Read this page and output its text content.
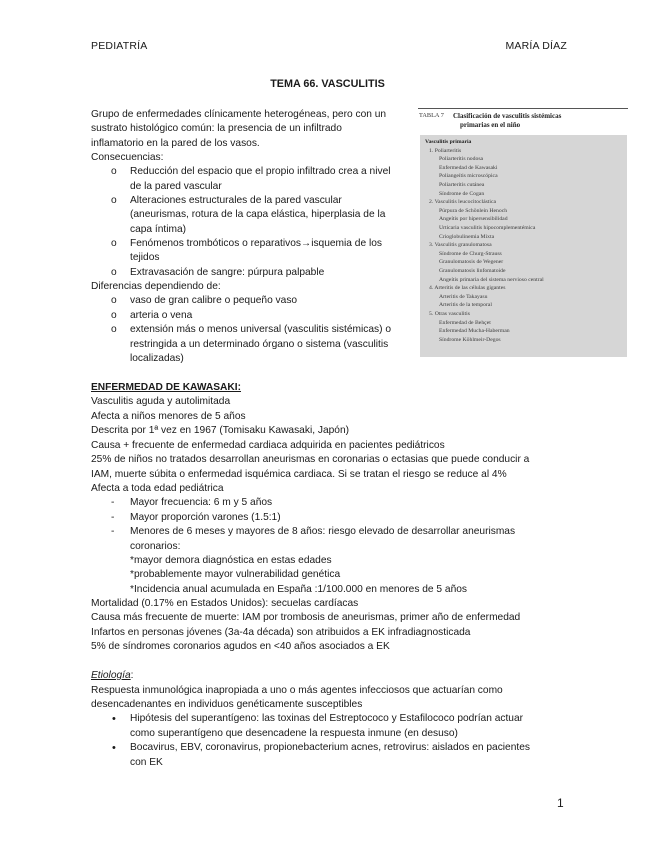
PEDIATRÍA	MARÍA DÍAZ
TEMA 66. VASCULITIS
Grupo de enfermedades clínicamente heterogéneas, pero con un
sustrato histológico común: la presencia de un infiltrado
inflamatorio en la pared de los vasos.
Consecuencias:
o Reducción del espacio que el propio infiltrado crea a nivel
de la pared vascular
o Alteraciones estructurales de la pared vascular
(aneurismas, rotura de la capa elástica, hiperplasia de la
capa íntima)
o Fenómenos trombóticos o reparativos→isquemia de los
tejidos
o Extravasación de sangre: púrpura palpable
Diferencias dependiendo de:
o vaso de gran calibre o pequeño vaso
o arteria o vena
o extensión más o menos universal (vasculitis sistémicas) o
restringida a un determinado órgano o sistema (vasculitis
localizadas)
TABLA 7 Clasificación de vasculitis sistémicas
primarias en el niño
Vasculitis primaria
1. Poliarteritis
Poliarteritis nodosa
Enfermedad de Kawasaki
Poliangeítis microscópica
Poliarteritis cutánea
Síndrome de Cogan
2. Vasculitis leucocitoclástica
Púrpura de Schönlein Henoch
Angeítis por hipersensibilidad
Urticaria vasculitis hipocomplementémica
Crioglobulinemia Mixta
3. Vasculitis granulomatosa
Síndrome de Churg-Strauss
Granulomatosis de Wegener
Granulomatosis linfomatoide
Angeítis primaria del sistema nervioso central
4. Arteritis de las células gigantes
Arteritis de Takayasu
Arteritis de la temporal
5. Otras vasculitis
Enfermedad de Behçet
Enfermedad Mucha-Haberman
Síndrome Köhlmeir-Degos
ENFERMEDAD DE KAWASAKI:
Vasculitis aguda y autolimitada
Afecta a niños menores de 5 años
Descrita por 1ª vez en 1967 (Tomisaku Kawasaki, Japón)
Causa + frecuente de enfermedad cardiaca adquirida en pacientes pediátricos
25% de niños no tratados desarrollan aneurismas en coronarias o ectasias que puede conducir a
IAM, muerte súbita o enfermedad isquémica cardiaca. Si se tratan el riesgo se reduce al 4%
Afecta a toda edad pediátrica
- Mayor frecuencia: 6 m y 5 años
- Mayor proporción varones (1.5:1)
- Menores de 6 meses y mayores de 8 años: riesgo elevado de desarrollar aneurismas
coronarios:
*mayor demora diagnóstica en estas edades
*probablemente mayor vulnerabilidad genética
*Incidencia anual acumulada en España :1/100.000 en menores de 5 años
Mortalidad (0.17% en Estados Unidos): secuelas cardíacas
Causa más frecuente de muerte: IAM por trombosis de aneurismas, primer año de enfermedad
Infartos en personas jóvenes (3a-4a década) son atribuidos a EK infradiagnosticada
5% de síndromes coronarios agudos en <40 años asociados a EK
Etiología:
Respuesta inmunológica inapropiada a uno o más agentes infecciosos que actuarían como
desencadenantes en individuos genéticamente susceptibles
• Hipótesis del superantígeno: las toxinas del Estreptococo y Estafilococo podrían actuar
como superantígeno que desencadene la respuesta inmune (en desuso)
• Bocavirus, EBV, coronavirus, propionebacterium acnes, retrovirus: aislados en pacientes
con EK
1
